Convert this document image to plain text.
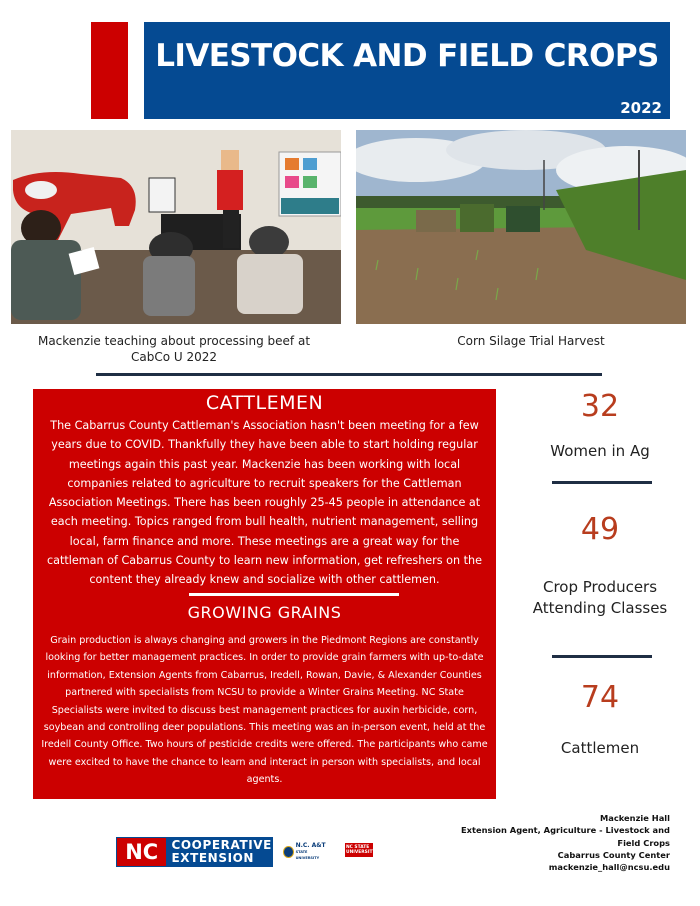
LIVESTOCK AND FIELD CROPS
2022
Mackenzie teaching about processing beef at CabCo U 2022
Corn Silage Trial Harvest
CATTLEMEN

The Cabarrus County Cattleman's Association hasn't been meeting for a few years due to COVID. Thankfully they have been able to start holding regular meetings again this past year. Mackenzie has been working with local companies related to agriculture to recruit speakers for the Cattleman Association Meetings. There has been roughly 25-45 people in attendance at each meeting. Topics ranged from bull health, nutrient management, selling local, farm finance and more. These meetings are a great way for the cattleman of Cabarrus County to learn new information, get refreshers on the content they already knew and socialize with other cattlemen.

GROWING GRAINS

Grain production is always changing and growers in the Piedmont Regions are constantly looking for better management practices. In order to provide grain farmers with up-to-date information, Extension Agents from Cabarrus, Iredell, Rowan, Davie, & Alexander Counties partnered with specialists from NCSU to provide a Winter Grains Meeting. NC State Specialists were invited to discuss best management practices for auxin herbicide, corn, soybean and controlling deer populations. This meeting was an in-person event, held at the Iredell County Office. Two hours of pesticide credits were offered. The participants who came were excited to have the chance to learn and interact in person with specialists, and local agents.

32
Women in Ag
49
Crop Producers Attending Classes
74
Cattlemen
Mackenzie Hall
Extension Agent, Agriculture - Livestock and
Field Crops
Cabarrus County Center
mackenzie_hall@ncsu.edu
NC	COOPERATIVE
EXTENSION
N.C. A&T
STATE UNIVERSITY
NC STATE
UNIVERSITY
